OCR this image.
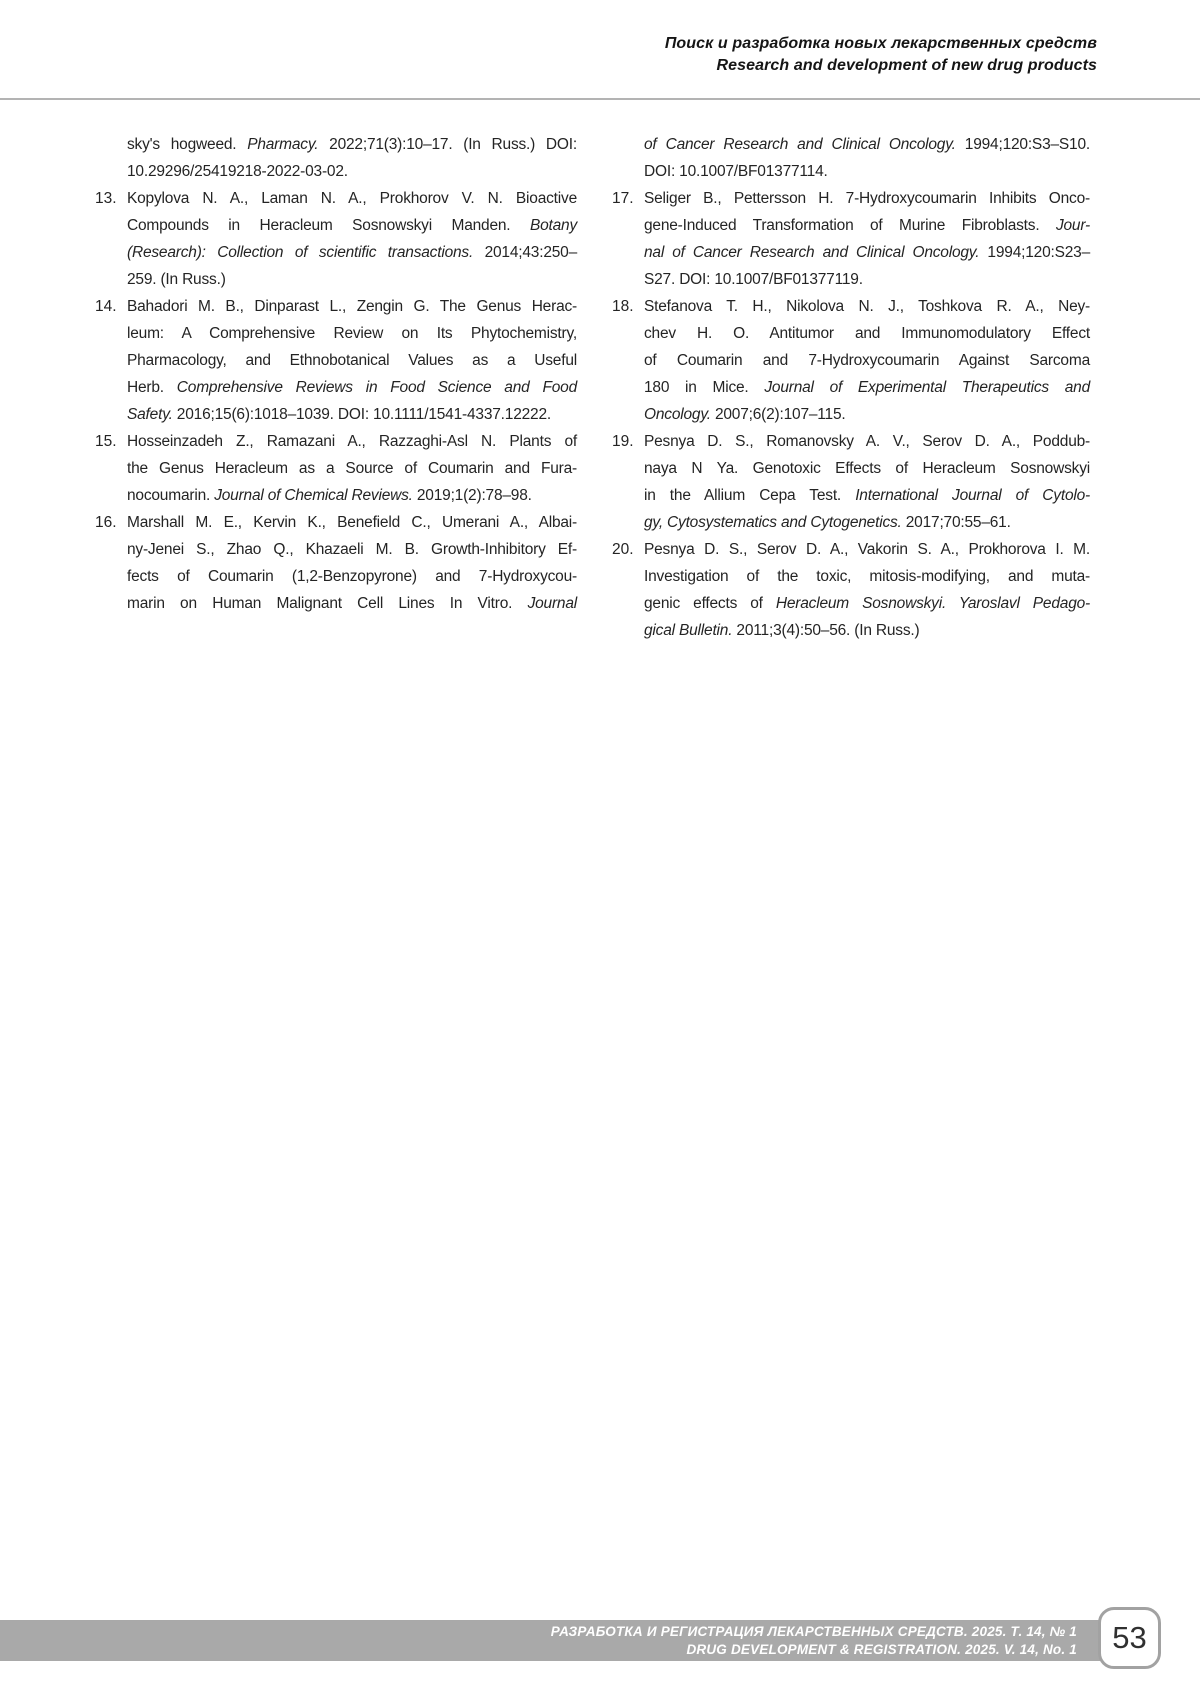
Поиск и разработка новых лекарственных средств
Research and development of new drug products
sky's hogweed. Pharmacy. 2022;71(3):10–17. (In Russ.) DOI:
10.29296/25419218-2022-03-02.
13. Kopylova N. A., Laman N. A., Prokhorov V. N. Bioactive
Compounds in Heracleum Sosnowskyi Manden. Botany
(Research): Collection of scientific transactions. 2014;43:250–
259. (In Russ.)
14. Bahadori M. B., Dinparast L., Zengin G. The Genus Herac-
leum: A Comprehensive Review on Its Phytochemistry,
Pharmacology, and Ethnobotanical Values as a Useful
Herb. Comprehensive Reviews in Food Science and Food
Safety. 2016;15(6):1018–1039. DOI: 10.1111/1541-4337.12222.
15. Hosseinzadeh Z., Ramazani A., Razzaghi-Asl N. Plants of
the Genus Heracleum as a Source of Coumarin and Fura-
nocoumarin. Journal of Chemical Reviews. 2019;1(2):78–98.
16. Marshall M. E., Kervin K., Benefield C., Umerani A., Albai-
ny-Jenei S., Zhao Q., Khazaeli M. B. Growth-Inhibitory Ef-
fects of Coumarin (1,2-Benzopyrone) and 7-Hydroxycou-
marin on Human Malignant Cell Lines In Vitro. Journal
of Cancer Research and Clinical Oncology. 1994;120:S3–S10.
DOI: 10.1007/BF01377114.
17. Seliger B., Pettersson H. 7-Hydroxycoumarin Inhibits Onco-
gene-Induced Transformation of Murine Fibroblasts. Jour-
nal of Cancer Research and Clinical Oncology. 1994;120:S23–
S27. DOI: 10.1007/BF01377119.
18. Stefanova T. H., Nikolova N. J., Toshkova R. A., Ney-
chev H. O. Antitumor and Immunomodulatory Effect
of Coumarin and 7-Hydroxycoumarin Against Sarcoma
180 in Mice. Journal of Experimental Therapeutics and
Oncology. 2007;6(2):107–115.
19. Pesnya D. S., Romanovsky A. V., Serov D. A., Poddub-
naya N Ya. Genotoxic Effects of Heracleum Sosnowskyi
in the Allium Cepa Test. International Journal of Cytolo-
gy, Cytosystematics and Cytogenetics. 2017;70:55–61.
20. Pesnya D. S., Serov D. A., Vakorin S. A., Prokhorova I. M.
Investigation of the toxic, mitosis-modifying, and muta-
genic effects of Heracleum Sosnowskyi. Yaroslavl Pedago-
gical Bulletin. 2011;3(4):50–56. (In Russ.)
РАЗРАБОТКА И РЕГИСТРАЦИЯ ЛЕКАРСТВЕННЫХ СРЕДСТВ. 2025. Т. 14, № 1
DRUG DEVELOPMENT & REGISTRATION. 2025. V. 14, No. 1 53
